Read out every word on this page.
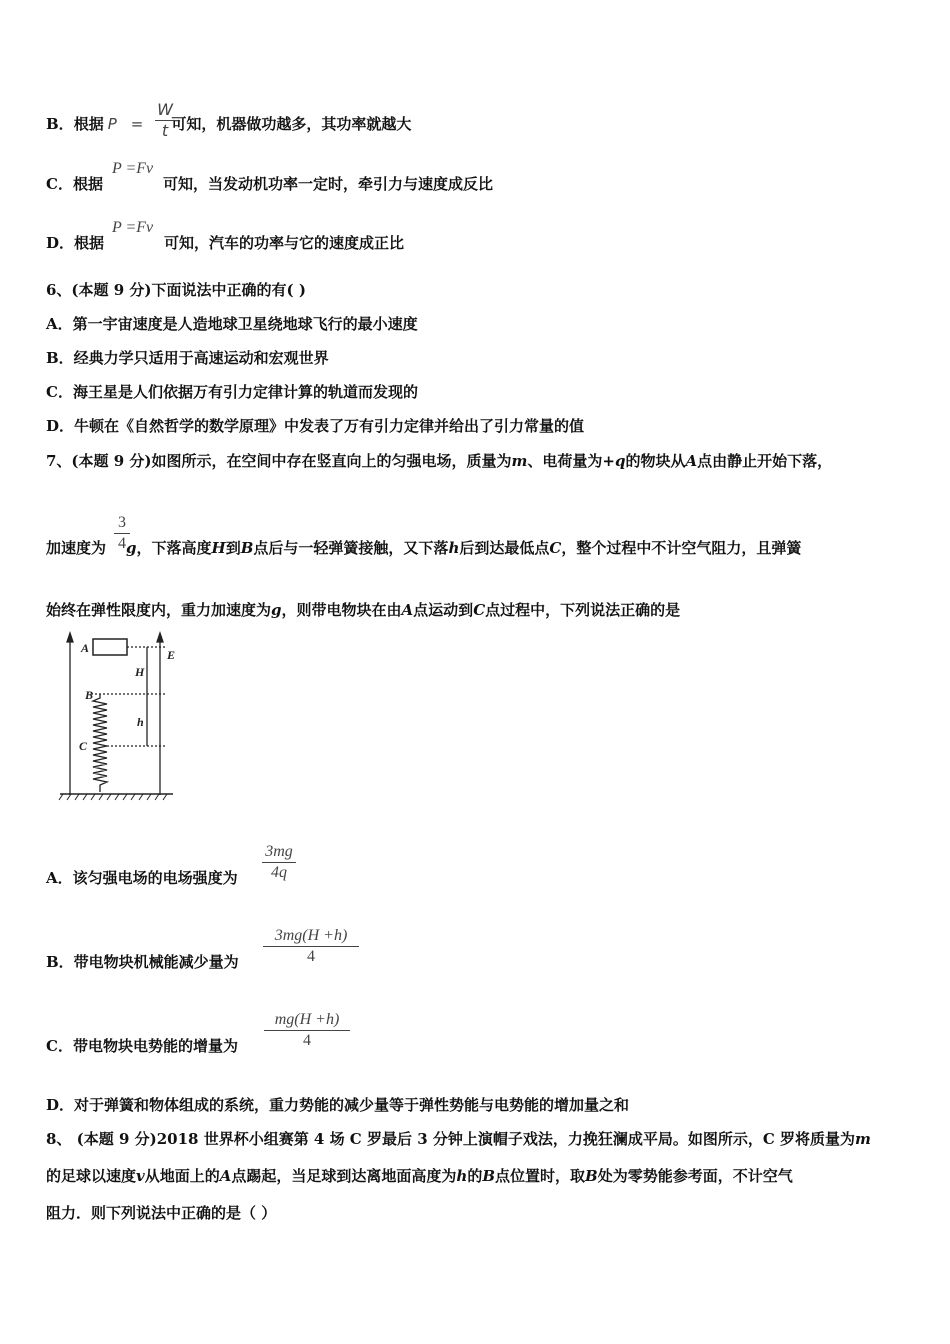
B．根据 P = 可知，机器做功越多，其功率就越大
W
t
C．根据	可知，当发动机功率一定时，牵引力与速度成反比
P =Fv
D．根据	可知，汽车的功率与它的速度成正比
P =Fv
6、(本题 9 分)下面说法中正确的有( )
A．第一宇宙速度是人造地球卫星绕地球飞行的最小速度
B．经典力学只适用于高速运动和宏观世界
C．海王星是人们依据万有引力定律计算的轨道而发现的
D．牛顿在《自然哲学的数学原理》中发表了万有引力定律并给出了引力常量的值
7、(本题 9 分)如图所示，在空间中存在竖直向上的匀强电场，质量为m、电荷量为+q的物块从A点由静止开始下落，
3
4
加速度为 g，下落高度H到B点后与一轻弹簧接触，又下落h后到达最低点C，整个过程中不计空气阻力，且弹簧
始终在弹性限度内，重力加速度为g，则带电物块在由A点运动到C点过程中，下列说法正确的是
A	E
H
B
h
C
A．该匀强电场的电场强度为
3mg
4q
B．带电物块机械能减少量为
3mg(H +h)
4
C．带电物块电势能的增量为
mg(H +h)
4
D．对于弹簧和物体组成的系统，重力势能的减少量等于弹性势能与电势能的增加量之和
8、 (本题 9 分)2018 世界杯小组赛第 4 场 C 罗最后 3 分钟上演帽子戏法，力挽狂澜成平局。如图所示，C 罗将质量为m
的足球以速度v从地面上的A点踢起，当足球到达离地面高度为h的B点位置时，取B处为零势能参考面，不计空气
阻力．则下列说法中正确的是（ ）
